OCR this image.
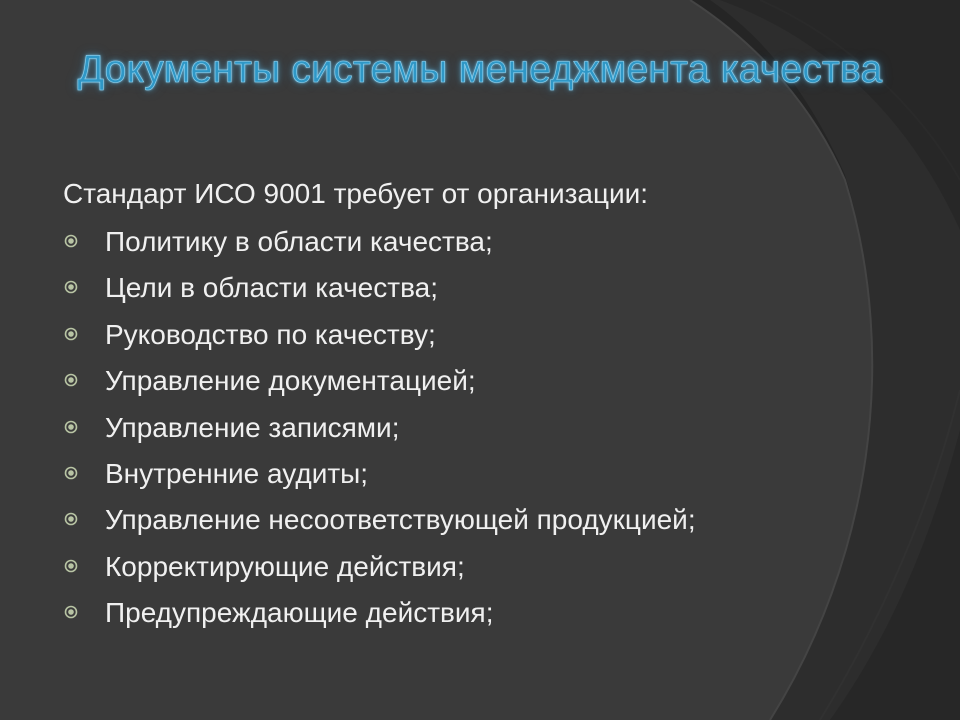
Документы системы менеджмента качества
Стандарт ИСО 9001 требует от организации:
Политику в области качества;
Цели в области качества;
Руководство по качеству;
Управление документацией;
Управление записями;
Внутренние аудиты;
Управление несоответствующей продукцией;
Корректирующие действия;
Предупреждающие действия;
